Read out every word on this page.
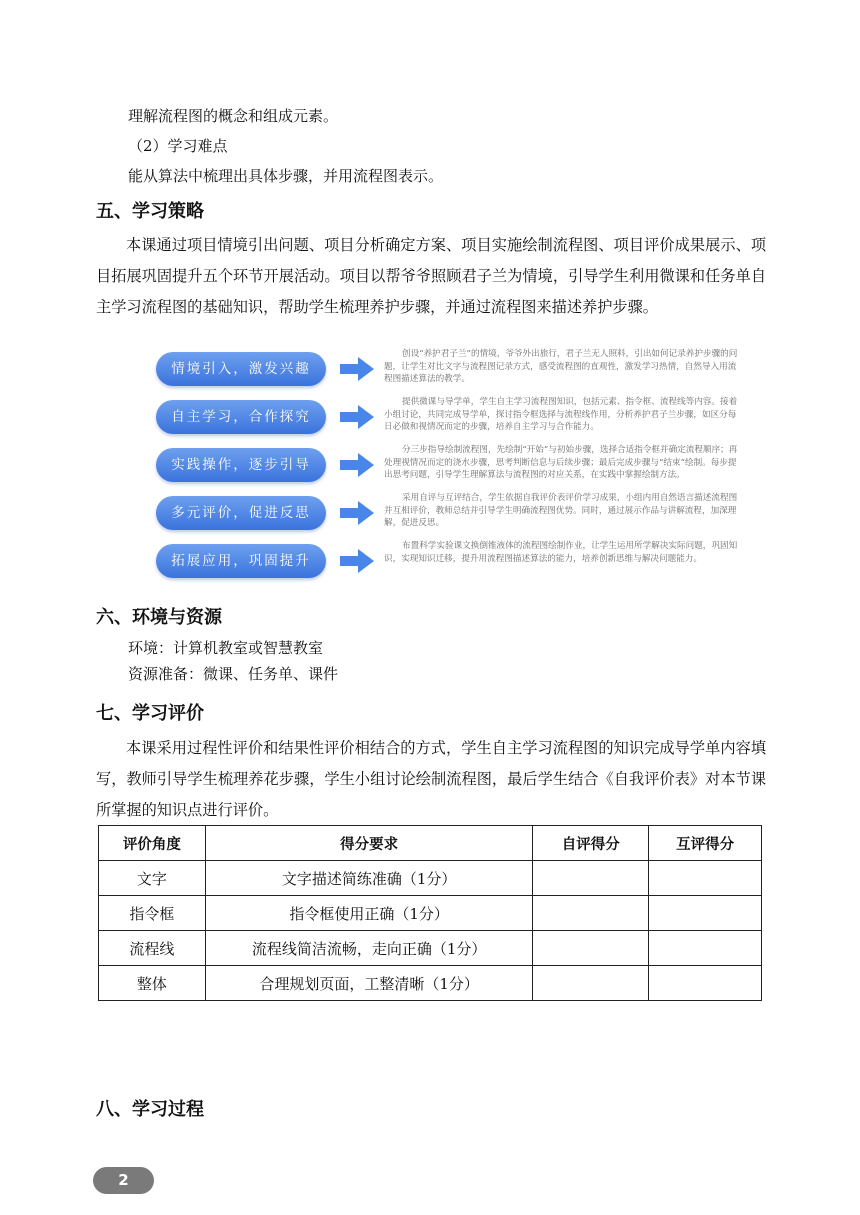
理解流程图的概念和组成元素。
（2）学习难点
能从算法中梳理出具体步骤，并用流程图表示。
五、学习策略
本课通过项目情境引出问题、项目分析确定方案、项目实施绘制流程图、项目评价成果展示、项目拓展巩固提升五个环节开展活动。项目以帮爷爷照顾君子兰为情境，引导学生利用微课和任务单自主学习流程图的基础知识，帮助学生梳理养护步骤，并通过流程图来描述养护步骤。
情境引入，激发兴趣
创设“养护君子兰”的情境，爷爷外出旅行，君子兰无人照料，引出如何记录养护步骤的问题，让学生对比文字与流程图记录方式，感受流程图的直观性，激发学习热情，自然导入用流程图描述算法的教学。
自主学习，合作探究
提供微课与导学单，学生自主学习流程图知识，包括元素、指令框、流程线等内容。接着小组讨论，共同完成导学单，探讨指令框选择与流程线作用，分析养护君子兰步骤，如区分每日必做和视情况而定的步骤，培养自主学习与合作能力。
实践操作，逐步引导
分三步指导绘制流程图，先绘制“开始”与初始步骤，选择合适指令框并确定流程顺序；再处理视情况而定的浇水步骤，思考判断信息与后续步骤；最后完成步骤与“结束”绘制。每步提出思考问题，引导学生理解算法与流程图的对应关系，在实践中掌握绘制方法。
多元评价，促进反思
采用自评与互评结合，学生依据自我评价表评价学习成果，小组内用自然语言描述流程图并互相评价，教师总结并引导学生明确流程图优势。同时，通过展示作品与讲解流程，加深理解，促进反思。
拓展应用，巩固提升
布置科学实验课文换倒锥液体的流程图绘制作业，让学生运用所学解决实际问题，巩固知识，实现知识迁移，提升用流程图描述算法的能力，培养创新思维与解决问题能力。
六、环境与资源
环境：计算机教室或智慧教室
资源准备：微课、任务单、课件
七、学习评价
本课采用过程性评价和结果性评价相结合的方式，学生自主学习流程图的知识完成导学单内容填写，教师引导学生梳理养花步骤，学生小组讨论绘制流程图，最后学生结合《自我评价表》对本节课所掌握的知识点进行评价。
评价角度	得分要求	自评得分	互评得分
文字	文字描述简练准确（1分）		
指令框	指令框使用正确（1分）		
流程线	流程线简洁流畅，走向正确（1分）		
整体	合理规划页面，工整清晰（1分）		
八、学习过程
2
